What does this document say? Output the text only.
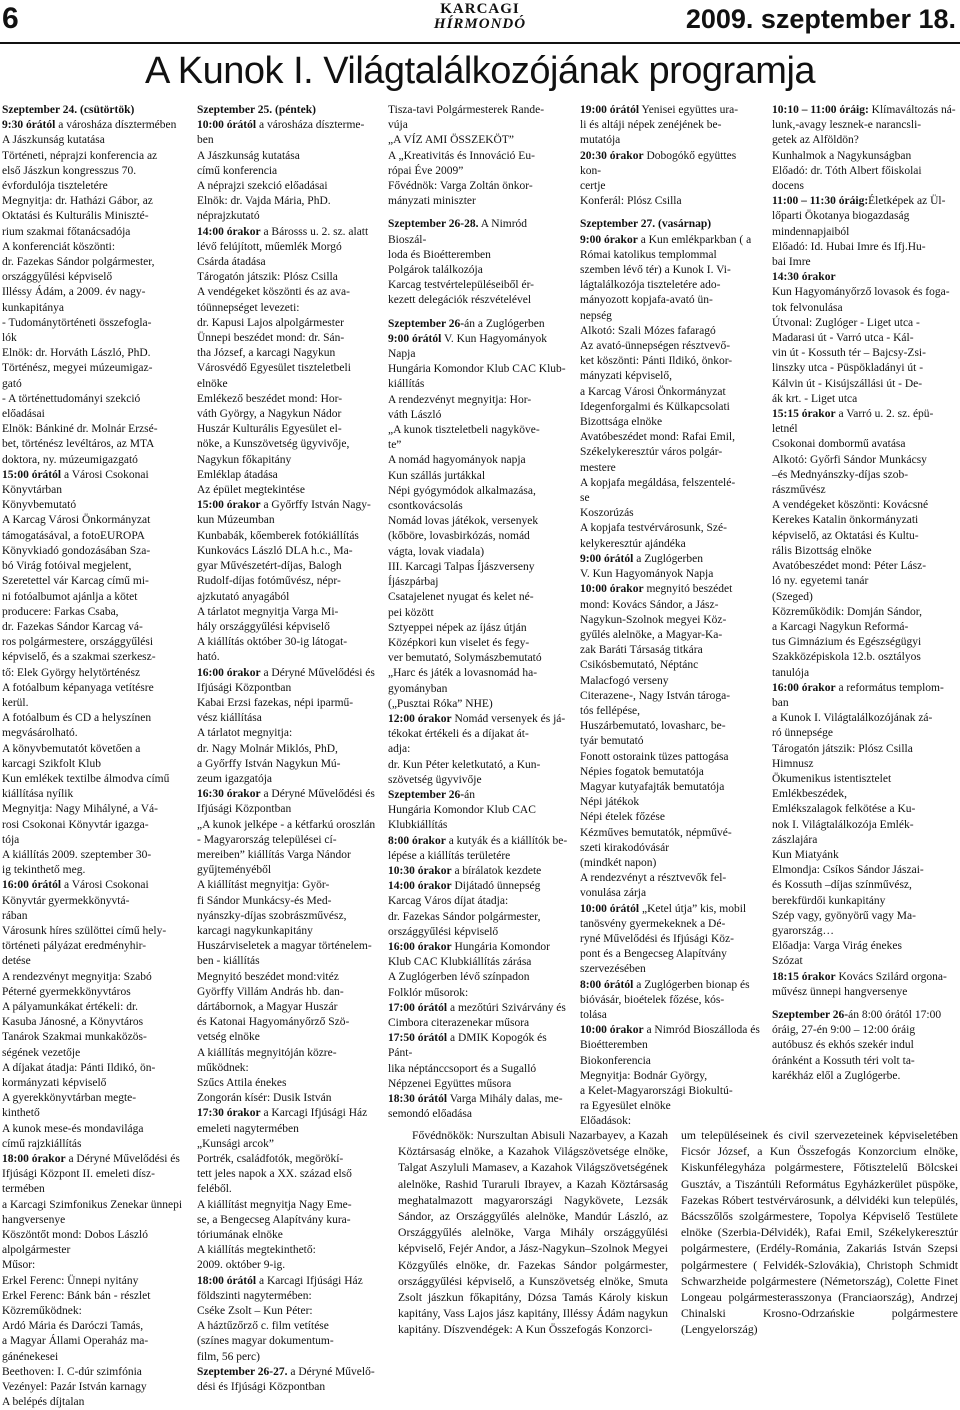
6	KARCAGI
HÍRMONDÓ	2009. szeptember 18.
A Kunok I. Világtalálkozójának programja

Szeptember 24. (csütörtök)

9:30 órától a városháza dísztermében

A Jászkunság kutatása

Történeti, néprajzi konferencia az

első Jászkun kongresszus 70.

évfordulója tiszteletére

Megnyitja: dr. Hatházi Gábor, az

Oktatási és Kulturális Miniszté-

rium szakmai főtanácsadója

A konferenciát köszönti:

dr. Fazekas Sándor polgármester,

országgyűlési képviselő

Illéssy Ádám, a 2009. év nagy-

kunkapitánya

- Tudománytörténeti összefogla-

lók

Elnök: dr. Horváth László, PhD.

Történész, megyei múzeumigaz-

gató

- A történettudományi szekció

előadásai

Elnök: Bánkiné dr. Molnár Erzsé-

bet, történész levéltáros, az MTA

doktora, ny. múzeumigazgató

15:00 órától a Városi Csokonai

Könyvtárban

Könyvbemutató

A Karcag Városi Önkormányzat

támogatásával, a fotoEUROPA

Könyvkiadó gondozásában Sza-

bó Virág fotóival megjelent,

Szeretettel vár Karcag című mi-

ni fotóalbumot ajánlja a kötet

producere: Farkas Csaba,

dr. Fazekas Sándor Karcag vá-

ros polgármestere, országgyűlési

képviselő, és a szakmai szerkesz-

tő: Elek György helytörténész

A fotóalbum képanyaga vetítésre

kerül.

A fotóalbum és CD a helyszínen

megvásárolható.

A könyvbemutatót követően a

karcagi Szikfolt Klub

Kun emlékek textilbe álmodva című

kiállítása nyílik

Megnyitja: Nagy Mihályné, a Vá-

rosi Csokonai Könyvtár igazga-

tója

A kiállítás 2009. szeptember 30-

ig tekinthető meg.

16:00 órától a Városi Csokonai

Könyvtár gyermekkönyvtá-

rában

Városunk híres szülöttei című hely-

történeti pályázat eredményhir-

detése

A rendezvényt megnyitja: Szabó

Péterné gyermekkönyvtáros

A pályamunkákat értékeli: dr.

Kasuba Jánosné, a Könyvtáros

Tanárok Szakmai munkaközös-

ségének vezetője

A díjakat átadja: Pánti Ildikó, ön-

kormányzati képviselő

A gyerekkönyvtárban megte-

kinthető

A kunok mese-és mondavilága

című rajzkiállítás

18:00 órakor a Déryné Művelődési és

Ifjúsági Központ II. emeleti dísz-

termében

a Karcagi Szimfonikus Zenekar ünnepi

hangversenye

Köszöntőt mond: Dobos László

alpolgármester

Műsor:

Erkel Ferenc: Ünnepi nyitány

Erkel Ferenc: Bánk bán - részlet

Közreműködnek:

Ardó Mária és Daróczi Tamás,

a Magyar Állami Operaház ma-

gánénekesei

Beethoven: I. C-dúr szimfónia

Vezényel: Pazár István karnagy

A belépés díjtalan

Szeptember 25. (péntek)

10:00 órától a városháza díszterme-

ben

A Jászkunság kutatása

című konferencia

A néprajzi szekció előadásai

Elnök: dr. Vajda Mária, PhD.

néprajzkutató

14:00 órakor a Bárosss u. 2. sz. alatt

lévő felújított, műemlék Morgó

Csárda átadása

Tárogatón játszik: Plósz Csilla

A vendégeket köszönti és az ava-

tóünnepséget levezeti:

dr. Kapusi Lajos alpolgármester

Ünnepi beszédet mond: dr. Sán-

tha József, a karcagi Nagykun

Városvédő Egyesület tiszteletbeli

elnöke

Emlékező beszédet mond: Hor-

váth György, a Nagykun Nádor

Huszár Kulturális Egyesület el-

nöke, a Kunszövetség ügyvivője,

Nagykun főkapitány

Emléklap átadása

Az épület megtekintése

15:00 órakor a Győrffy István Nagy-

kun Múzeumban

Kunbabák, kőemberek fotókiállítás

Kunkovács László DLA h.c., Ma-

gyar Művészetért-díjas, Balogh

Rudolf-díjas fotóművész, népr-

ajzkutató anyagából

A tárlatot megnyitja Varga Mi-

hály országgyűlési képviselő

A kiállítás október 30-ig látogat-

ható.

16:00 órakor a Déryné Művelődési és

Ifjúsági Központban

Kabai Erzsi fazekas, népi iparmű-

vész kiállítása

A tárlatot megnyitja:

dr. Nagy Molnár Miklós, PhD,

a Győrffy István Nagykun Mú-

zeum igazgatója

16:30 órakor a Déryné Művelődési és

Ifjúsági Központban

„A kunok jelképe - a kétfarkú oroszlán

- Magyarország települései cí-

mereiben” kiállítás Varga Nándor

gyűjteményéből

A kiállítást megnyitja: Györ-

fi Sándor Munkácsy-és Med-

nyánszky-díjas szobrászművész,

karcagi nagykunkapitány

Huszárviseletek a magyar történelem-

ben - kiállítás

Megnyitó beszédet mond:vitéz

Györffy Villám András hb. dan-

dártábornok, a Magyar Huszár

és Katonai Hagyományőrző Szö-

vetség elnöke

A kiállítás megnyitóján közre-

működnek:

Szűcs Attila énekes

Zongorán kísér: Dusik István

17:30 órakor a Karcagi Ifjúsági Ház

emeleti nagytermében

„Kunsági arcok”

Portrék, családfotók, megörökí-

tett jeles napok a XX. század első

feléből.

A kiállítást megnyitja Nagy Eme-

se, a Bengecseg Alapítvány kura-

tóriumának elnöke

A kiállítás megtekinthető:

2009. október 9-ig.

18:00 órától a Karcagi Ifjúsági Ház

földszinti nagytermében:

Cséke Zsolt – Kun Péter:

A háztűzőrző c. film vetítése

(színes magyar dokumentum-

film, 56 perc)

Szeptember 26-27. a Déryné Művelő-

dési és Ifjúsági Központban

Tisza-tavi Polgármesterek Rande-

vúja

„A VÍZ AMI ÖSSZEKÖT”

A „Kreativitás és Innováció Eu-

rópai Éve 2009”

Fővédnök: Varga Zoltán önkor-

mányzati miniszter

Szeptember 26-28. A Nimród Bioszál-

loda és Bioétteremben

Polgárok találkozója

Karcag testvértelepüléseiből ér-

kezett delegációk részvételével

Szeptember 26-án a Zuglógerben

9:00 órától V. Kun Hagyományok

Napja

Hungária Komondor Klub CAC Klub-

kiállítás

A rendezvényt megnyitja: Hor-

váth László

„A kunok tiszteletbeli nagyköve-

te”

A nomád hagyományok napja

Kun szállás jurtákkal

Népi gyógymódok alkalmazása,

csontkovácsolás

Nomád lovas játékok, versenyek

(kőböre, lovasbirkózás, nomád

vágta, lovak viadala)

III. Karcagi Talpas Íjászverseny

Íjászpárbaj

Csatajelenet nyugat és kelet né-

pei között

Sztyeppei népek az íjász útján

Középkori kun viselet és fegy-

ver bemutató, Solymászbemutató

„Harc és játék a lovasnomád ha-

gyományban

(„Pusztai Róka” NHE)

12:00 órakor Nomád versenyek és já-

tékokat értékeli és a díjakat át-

adja:

dr. Kun Péter keletkutató, a Kun-

szövetség ügyvivője

Szeptember 26-án

Hungária Komondor Klub CAC

Klubkiállítás

8:00 órakor a kutyák és a kiállítók be-

lépése a kiállítás területére

10:30 órakor a bírálatok kezdete

14:00 órakor Dijátadó ünnepség

Karcag Város díjat átadja:

dr. Fazekas Sándor polgármester,

országgyűlési képviselő

16:00 órakor Hungária Komondor

Klub CAC Klubkiállítás zárása

A Zuglógerben lévő színpadon

Folklór műsorok:

17:00 órától a mezőtúri Szivárvány és

Cimbora citerazenekar műsora

17:50 órától a DMIK Kopogók és Pánt-

lika néptánccsoport és a Sugalló

Népzenei Együttes műsora

18:30 órától Varga Mihály dalas, me-

semondó előadása

19:00 órától Yenisei együttes ura-

li és altáji népek zenéjének be-

mutatója

20:30 órakor Dobogókő együttes kon-

certje

Konferál: Plósz Csilla

Szeptember 27. (vasárnap)

9:00 órakor a Kun emlékparkban ( a

Római katolikus templommal

szemben lévő tér) a Kunok I. Vi-

lágtalálkozója tiszteletére ado-

mányozott kopjafa-avató ün-

nepség

Alkotó: Szali Mózes fafaragó

Az avató-ünnepségen résztvevő-

ket köszönti: Pánti Ildikó, önkor-

mányzati képviselő,

a Karcag Városi Önkormányzat

Idegenforgalmi és Külkapcsolati

Bizottsága elnöke

Avatóbeszédet mond: Rafai Emil,

Székelykeresztúr város polgár-

mestere

A kopjafa megáldása, felszentelé-

se

Koszorúzás

A kopjafa testvérvárosunk, Szé-

kelykeresztúr ajándéka

9:00 órától a Zuglógerben

V. Kun Hagyományok Napja

10:00 órakor megnyitó beszédet

mond: Kovács Sándor, a Jász-

Nagykun-Szolnok megyei Köz-

gyűlés alelnöke, a Magyar-Ka-

zak Baráti Társaság titkára

Csikósbemutató, Néptánc

Malacfogó verseny

Citerazene-, Nagy István tároga-

tós fellépése,

Huszárbemutató, lovasharc, be-

tyár bemutató

Fonott ostoraink tüzes pattogása

Népies fogatok bemutatója

Magyar kutyafajták bemutatója

Népi játékok

Népi ételek főzése

Kézműves bemutatók, népművé-

szeti kirakodóvásár

(mindkét napon)

A rendezvényt a résztvevők fel-

vonulása zárja

10:00 órától „Ketel útja” kis, mobil

tanösvény gyermekeknek a Dé-

ryné Művelődési és Ifjúsági Köz-

pont és a Bengecseg Alapítvány

szervezésében

8:00 órától a Zuglógerben bionap és

bióvásár, bioételek főzése, kós-

tolása

10:00 órakor a Nimród Bioszálloda és

Bioétteremben

Biokonferencia

Megnyitja: Bodnár György,

a Kelet-Magyarországi Biokultú-

ra Egyesület elnöke

Előadások:

10:10 – 11:00 óráig: Klímaváltozás ná-

lunk,-avagy lesznek-e narancsli-

getek az Alföldön?

Kunhalmok a Nagykunságban

Előadó: dr. Tóth Albert főiskolai

docens

11:00 – 11:30 óráig:Életképek az Ül-

lőparti Ökotanya biogazdaság

mindennapjaiból

Előadó: Id. Hubai Imre és Ifj.Hu-

bai Imre

14:30 órakor

Kun Hagyományőrző lovasok és foga-

tok felvonulása

Útvonal: Zuglóger - Liget utca -

Madarasi út - Varró utca - Kál-

vin út - Kossuth tér – Bajcsy-Zsi-

linszky utca - Püspökladányi út -

Kálvin út - Kisújszállási út - De-

ák krt. - Liget utca

15:15 órakor a Varró u. 2. sz. épü-

letnél

Csokonai dombormű avatása

Alkotó: Győrfi Sándor Munkácsy

–és Mednyánszky-díjas szob-

rászművész

A vendégeket köszönti: Kovácsné

Kerekes Katalin önkormányzati

képviselő, az Oktatási és Kultu-

rális Bizottság elnöke

Avatóbeszédet mond: Péter Lász-

ló ny. egyetemi tanár

(Szeged)

Közreműködik: Domján Sándor,

a Karcagi Nagykun Reformá-

tus Gimnázium és Egészségügyi

Szakközépiskola 12.b. osztályos

tanulója

16:00 órakor a református templom-

ban

a Kunok I. Világtalálkozójának zá-

ró ünnepsége

Tárogatón játszik: Plósz Csilla

Himnusz

Ökumenikus istentisztelet

Emlékbeszédek,

Emlékszalagok felkötése a Ku-

nok I. Világtalálkozója Emlék-

zászlajára

Kun Miatyánk

Elmondja: Csíkos Sándor Jászai-

és Kossuth –díjas színművész,

berekfürdői kunkapitány

Szép vagy, gyönyörű vagy Ma-

gyarország…

Előadja: Varga Virág énekes

Szózat

18:15 órakor Kovács Szilárd orgona-

művész ünnepi hangversenye

Szeptember 26-án 8:00 órától 17:00

óráig, 27-én 9:00 – 12:00 óráig

autóbusz és ekhós szekér indul

óránként a Kossuth téri volt ta-

karékház elől a Zuglógerbe.

Fővédnökök: Nurszultan Abisuli Nazarbayev, a Kazah Köztársaság elnöke, a Kazahok Világszövetsége elnöke, Talgat Aszyluli Mamasev, a Kazahok Világszövetségének alelnöke, Rashid Turaruli Ibrayev, a Kazah Köztársaság meghatalmazott magyarországi Nagykövete, Lezsák Sándor, az Országgyűlés alelnöke, Mandúr László, az Országgyűlés alelnöke, Varga Mihály országgyűlési képviselő, Fejér Andor, a Jász-Nagykun–Szolnok Megyei Közgyűlés elnöke, dr. Fazekas Sándor polgármester, országgyűlési képviselő, a Kunszövetség elnöke, Smuta Zsolt jászkun főkapitány, Dózsa Tamás Károly kiskun kapitány, Vass Lajos jász kapitány, Illéssy Ádám nagykun kapitány. Díszvendégek: A Kun Összefogás Konzorci-
um településeinek és civil szervezeteinek képviseletében Ficsór József, a Kun Összefogás Konzorcium elnöke, Kiskunfélegyháza polgármestere, Főtisztelelű Bölcskei Gusztáv, a Tiszántúli Református Egyházkerület püspöke, Fazekas Róbert testvérvárosunk, a délvidéki kun település, Bácsszőlős szolgármestere, Topolya Képviselő Testülete elnöke (Szerbia-Délvidék), Rafai Emil, Székelykeresztúr polgármestere, (Erdély-Románia, Zakariás István Szepsi polgármestere ( Felvidék-Szlovákia), Christoph Schmidt Schwarzheide polgármestere (Németország), Colette Finet Longeau polgármesterasszonya (Franciaország), Andrzej Chinalski Krosno-Odrzańskie polgármestere (Lengyelország)
